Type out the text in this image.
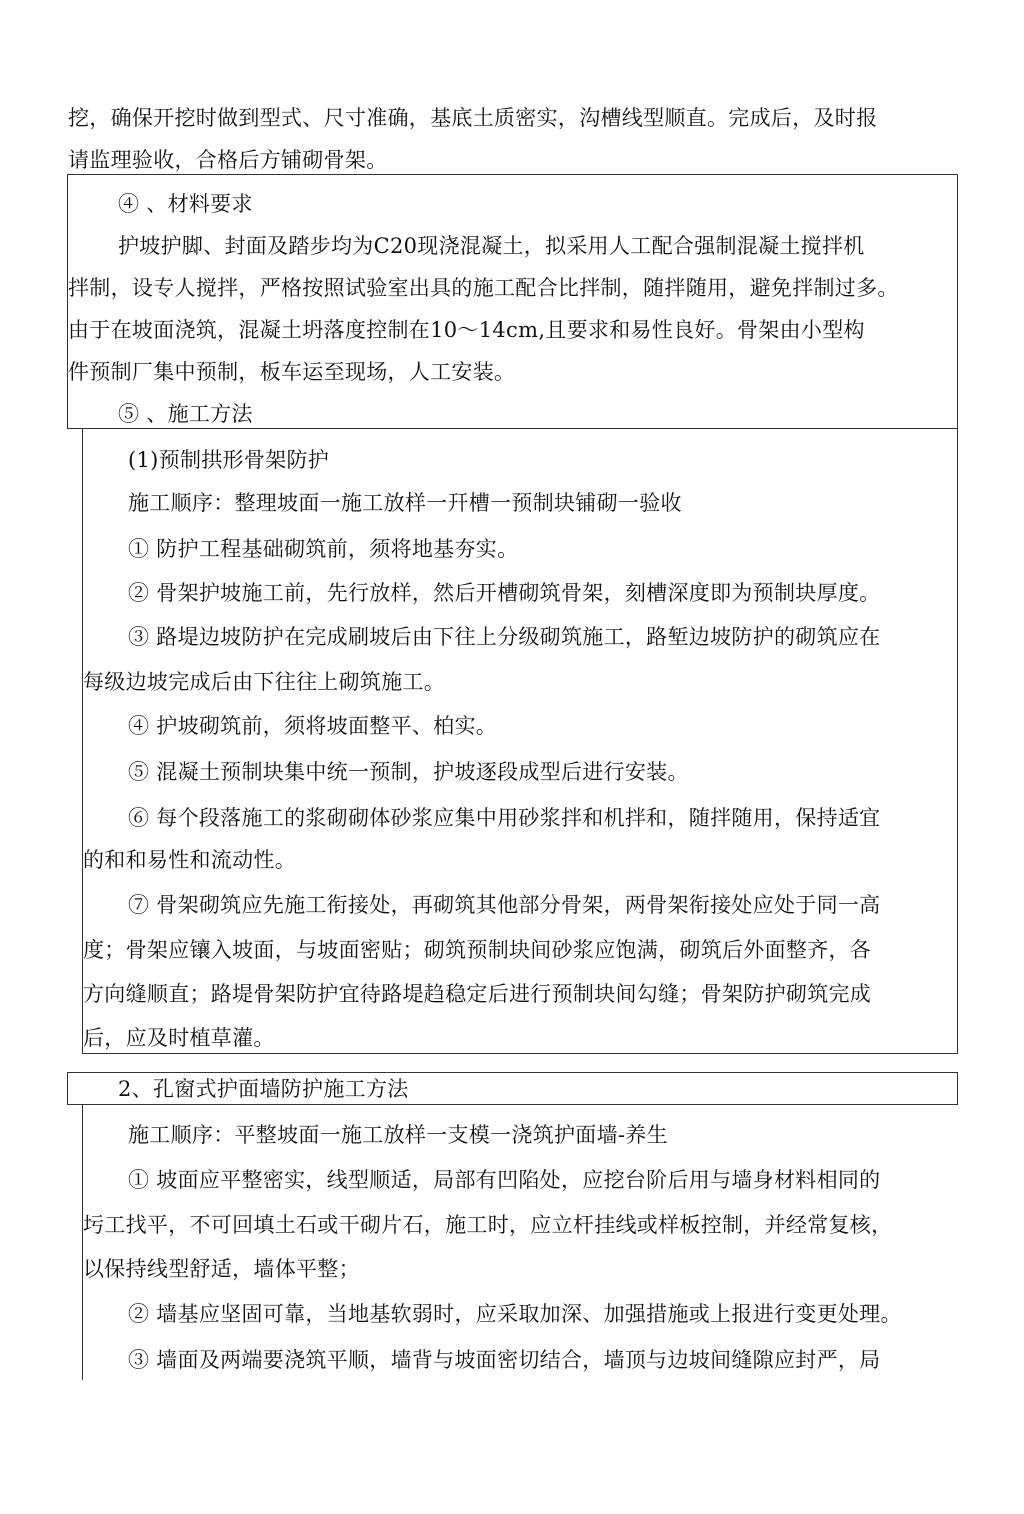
挖，确保开挖时做到型式、尺寸准确，基底土质密实，沟槽线型顺直。完成后，及时报
请监理验收，合格后方铺砌骨架。
④ 、材料要求
护坡护脚、封面及踏步均为C20现浇混凝土，拟采用人工配合强制混凝土搅拌机
拌制，设专人搅拌，严格按照试验室出具的施工配合比拌制，随拌随用，避免拌制过多。
由于在坡面浇筑，混凝土坍落度控制在10～14cm,且要求和易性良好。骨架由小型构
件预制厂集中预制，板车运至现场，人工安装。
⑤ 、施工方法
(1)预制拱形骨架防护
施工顺序：整理坡面一施工放样一幵槽一预制块铺砌一验收
① 防护工程基础砌筑前，须将地基夯实。
② 骨架护坡施工前，先行放样，然后开槽砌筑骨架，刻槽深度即为预制块厚度。
③ 路堤边坡防护在完成刷坡后由下往上分级砌筑施工，路堑边坡防护的砌筑应在
每级边坡完成后由下往往上砌筑施工。
④ 护坡砌筑前，须将坡面整平、柏实。
⑤ 混凝土预制块集中统一预制，护坡逐段成型后进行安装。
⑥ 每个段落施工的浆砌砌体砂浆应集中用砂浆拌和机拌和，随拌随用，保持适宜
的和和易性和流动性。
⑦ 骨架砌筑应先施工衔接处，再砌筑其他部分骨架，两骨架衔接处应处于同一高
度；骨架应镶入坡面，与坡面密贴；砌筑预制块间砂浆应饱满，砌筑后外面整齐，各
方向缝顺直；路堤骨架防护宜待路堤趋稳定后进行预制块间勾缝；骨架防护砌筑完成
后，应及时植草灌。
2、孔窗式护面墙防护施工方法
施工顺序：平整坡面一施工放样一支模一浇筑护面墙-养生
① 坡面应平整密实，线型顺适，局部有凹陷处，应挖台阶后用与墙身材料相同的
圬工找平，不可回填土石或干砌片石，施工时，应立杆挂线或样板控制，并经常复核，
以保持线型舒适，墙体平整；
② 墙基应坚固可靠，当地基软弱时，应采取加深、加强措施或上报进行变更处理。
③ 墙面及两端要浇筑平顺，墙背与坡面密切结合，墙顶与边坡间缝隙应封严，局
